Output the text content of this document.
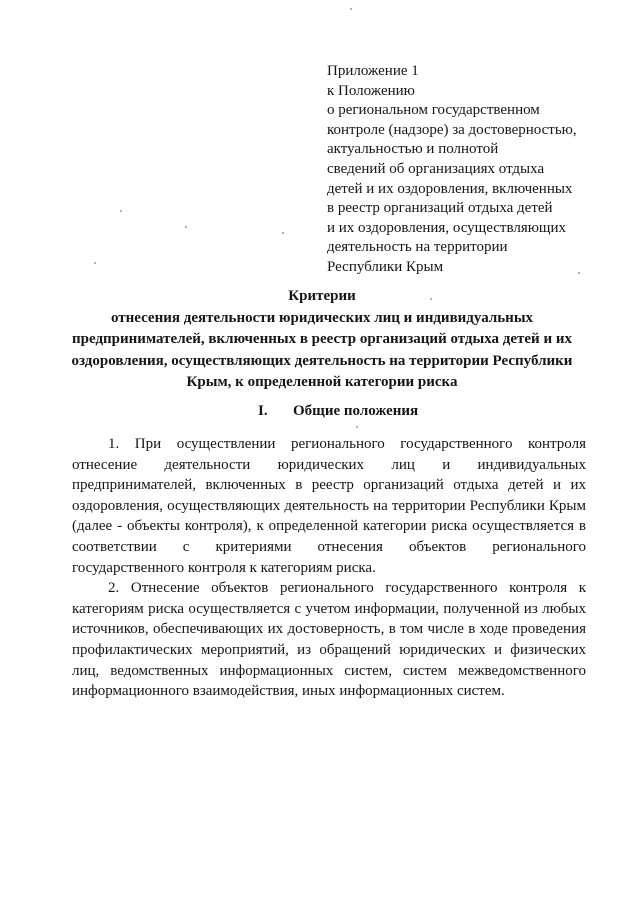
Приложение 1
к Положению
о региональном государственном
контроле (надзоре) за достоверностью,
актуальностью и полнотой
сведений об организациях отдыха
детей и их оздоровления, включенных
в реестр организаций отдыха детей
и их оздоровления, осуществляющих
деятельность на территории
Республики Крым
Критерии
отнесения деятельности юридических лиц и индивидуальных
предпринимателей, включенных в реестр организаций отдыха детей и их
оздоровления, осуществляющих деятельность на территории Республики
Крым, к определенной категории риска
I. Общие положения

1. При осуществлении регионального государственного контроля отнесение деятельности юридических лиц и индивидуальных предпринимателей, включенных в реестр организаций отдыха детей и их оздоровления, осуществляющих деятельность на территории Республики Крым (далее - объекты контроля), к определенной категории риска осуществляется в соответствии с критериями отнесения объектов регионального государственного контроля к категориям риска.

2. Отнесение объектов регионального государственного контроля к категориям риска осуществляется с учетом информации, полученной из любых источников, обеспечивающих их достоверность, в том числе в ходе проведения профилактических мероприятий, из обращений юридических и физических лиц, ведомственных информационных систем, систем межведомственного информационного взаимодействия, иных информационных систем.
